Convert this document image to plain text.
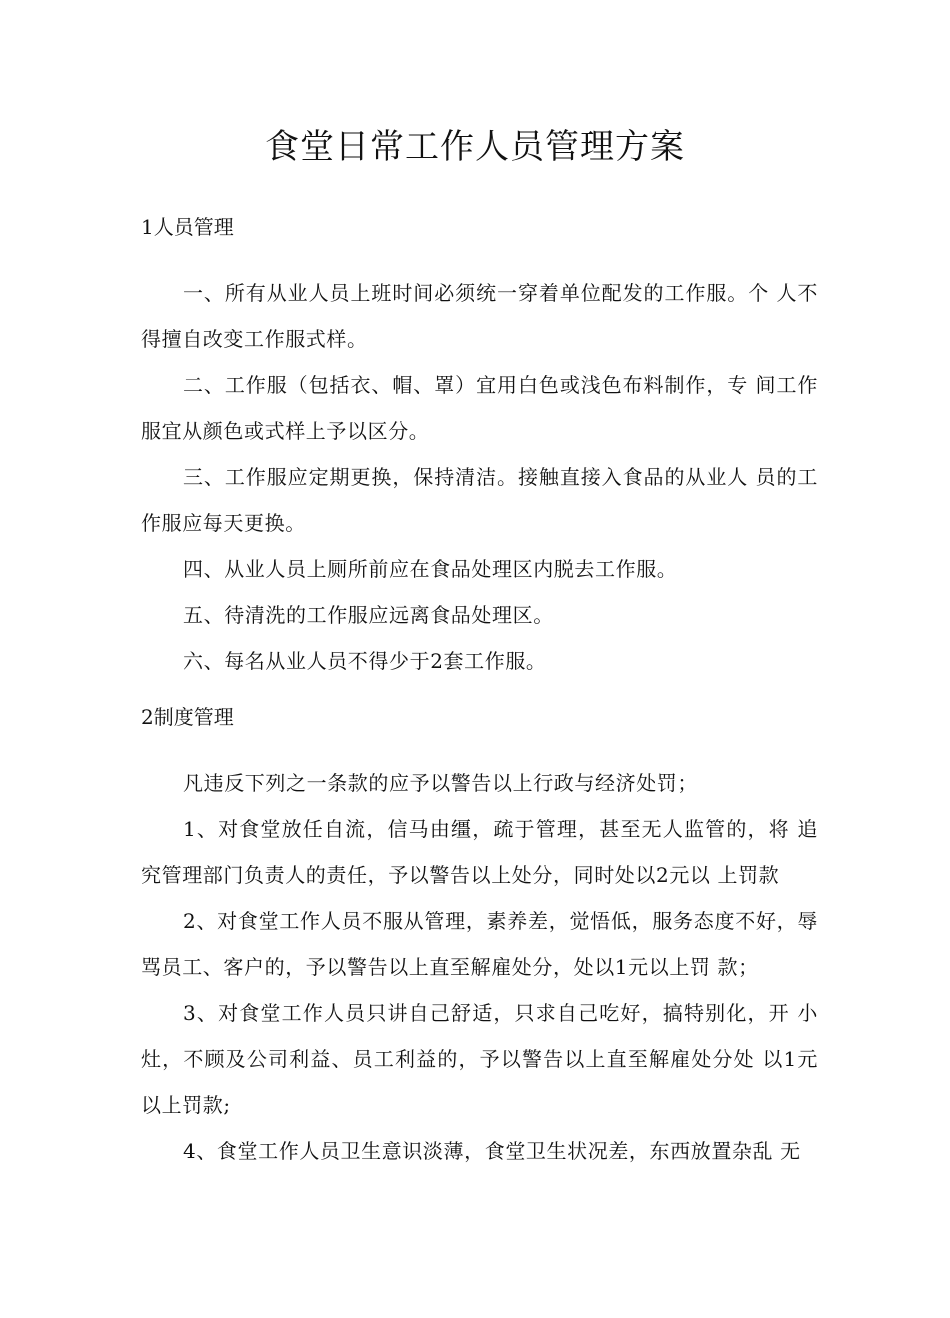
食堂日常工作人员管理方案
1人员管理

一、所有从业人员上班时间必须统一穿着单位配发的工作服。个 人不得擅自改变工作服式样。

二、工作服（包括衣、帽、罩）宜用白色或浅色布料制作，专 间工作服宜从颜色或式样上予以区分。

三、工作服应定期更换，保持清洁。接触直接入食品的从业人 员的工作服应每天更换。

四、从业人员上厕所前应在食品处理区内脱去工作服。

五、待清洗的工作服应远离食品处理区。

六、每名从业人员不得少于2套工作服。

2制度管理

凡违反下列之一条款的应予以警告以上行政与经济处罚；

1、对食堂放任自流，信马由缰，疏于管理，甚至无人监管的，将 追究管理部门负责人的责任，予以警告以上处分，同时处以2元以 上罚款

2、对食堂工作人员不服从管理，素养差，觉悟低，服务态度不好，辱骂员工、客户的，予以警告以上直至解雇处分，处以1元以上罚 款；

3、对食堂工作人员只讲自己舒适，只求自己吃好，搞特别化，开 小灶，不顾及公司利益、员工利益的，予以警告以上直至解雇处分处 以1元以上罚款;

4、食堂工作人员卫生意识淡薄，食堂卫生状况差，东西放置杂乱 无
